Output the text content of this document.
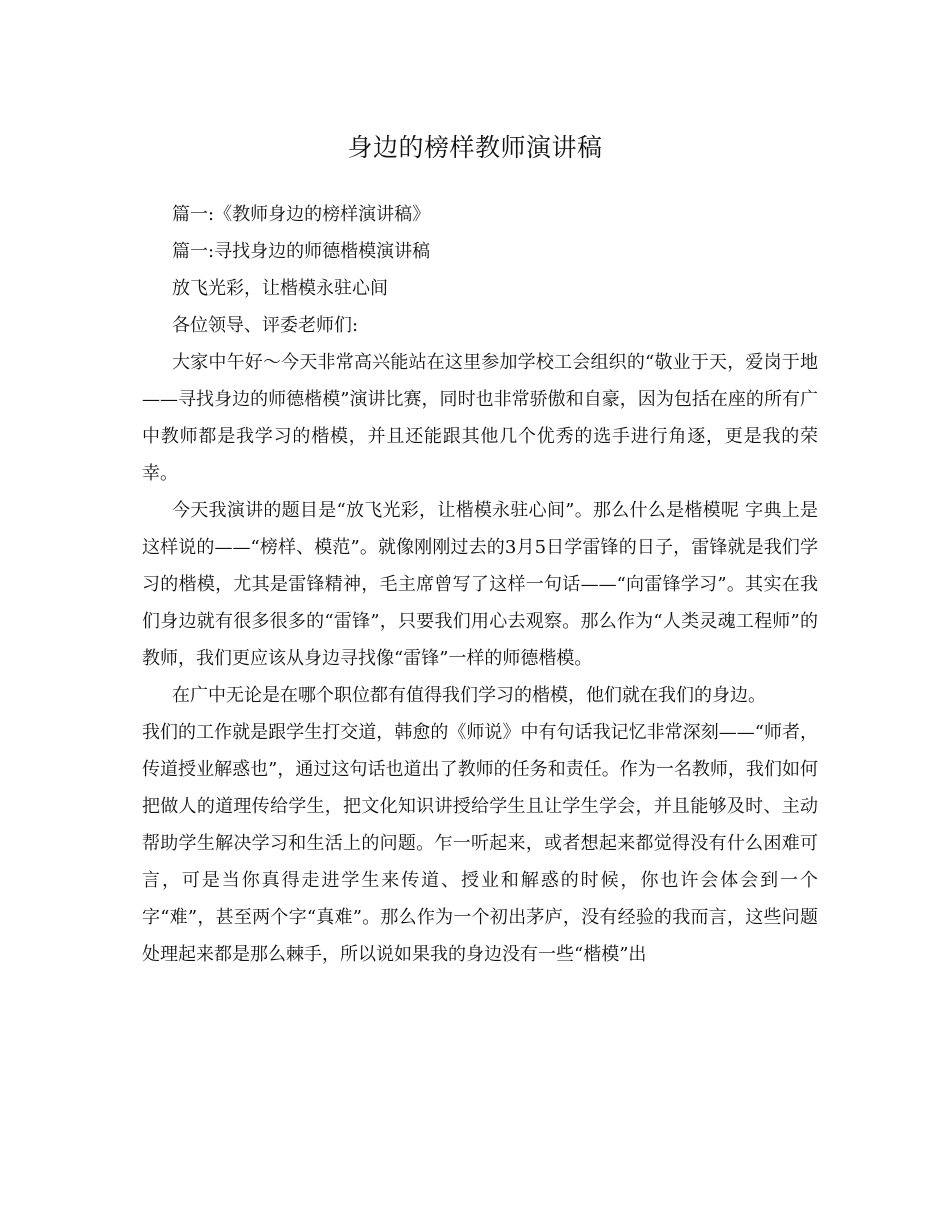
身边的榜样教师演讲稿

篇一:《教师身边的榜样演讲稿》

篇一:寻找身边的师德楷模演讲稿

放飞光彩，让楷模永驻心间

各位领导、评委老师们:

大家中午好～今天非常高兴能站在这里参加学校工会组织的“敬业于天，爱岗于地——寻找身边的师德楷模”演讲比赛，同时也非常骄傲和自豪，因为包括在座的所有广中教师都是我学习的楷模，并且还能跟其他几个优秀的选手进行角逐，更是我的荣幸。

今天我演讲的题目是“放飞光彩，让楷模永驻心间”。那么什么是楷模呢 字典上是这样说的——“榜样、模范”。就像刚刚过去的3月5日学雷锋的日子，雷锋就是我们学习的楷模，尤其是雷锋精神，毛主席曾写了这样一句话——“向雷锋学习”。其实在我们身边就有很多很多的“雷锋”，只要我们用心去观察。那么作为“人类灵魂工程师”的教师，我们更应该从身边寻找像“雷锋”一样的师德楷模。

在广中无论是在哪个职位都有值得我们学习的楷模，他们就在我们的身边。

我们的工作就是跟学生打交道，韩愈的《师说》中有句话我记忆非常深刻——“师者，传道授业解惑也”，通过这句话也道出了教师的任务和责任。作为一名教师，我们如何把做人的道理传给学生，把文化知识讲授给学生且让学生学会，并且能够及时、主动帮助学生解决学习和生活上的问题。乍一听起来，或者想起来都觉得没有什么困难可言，可是当你真得走进学生来传道、授业和解惑的时候，你也许会体会到一个字“难”，甚至两个字“真难”。那么作为一个初出茅庐，没有经验的我而言，这些问题处理起来都是那么棘手，所以说如果我的身边没有一些“楷模”出
